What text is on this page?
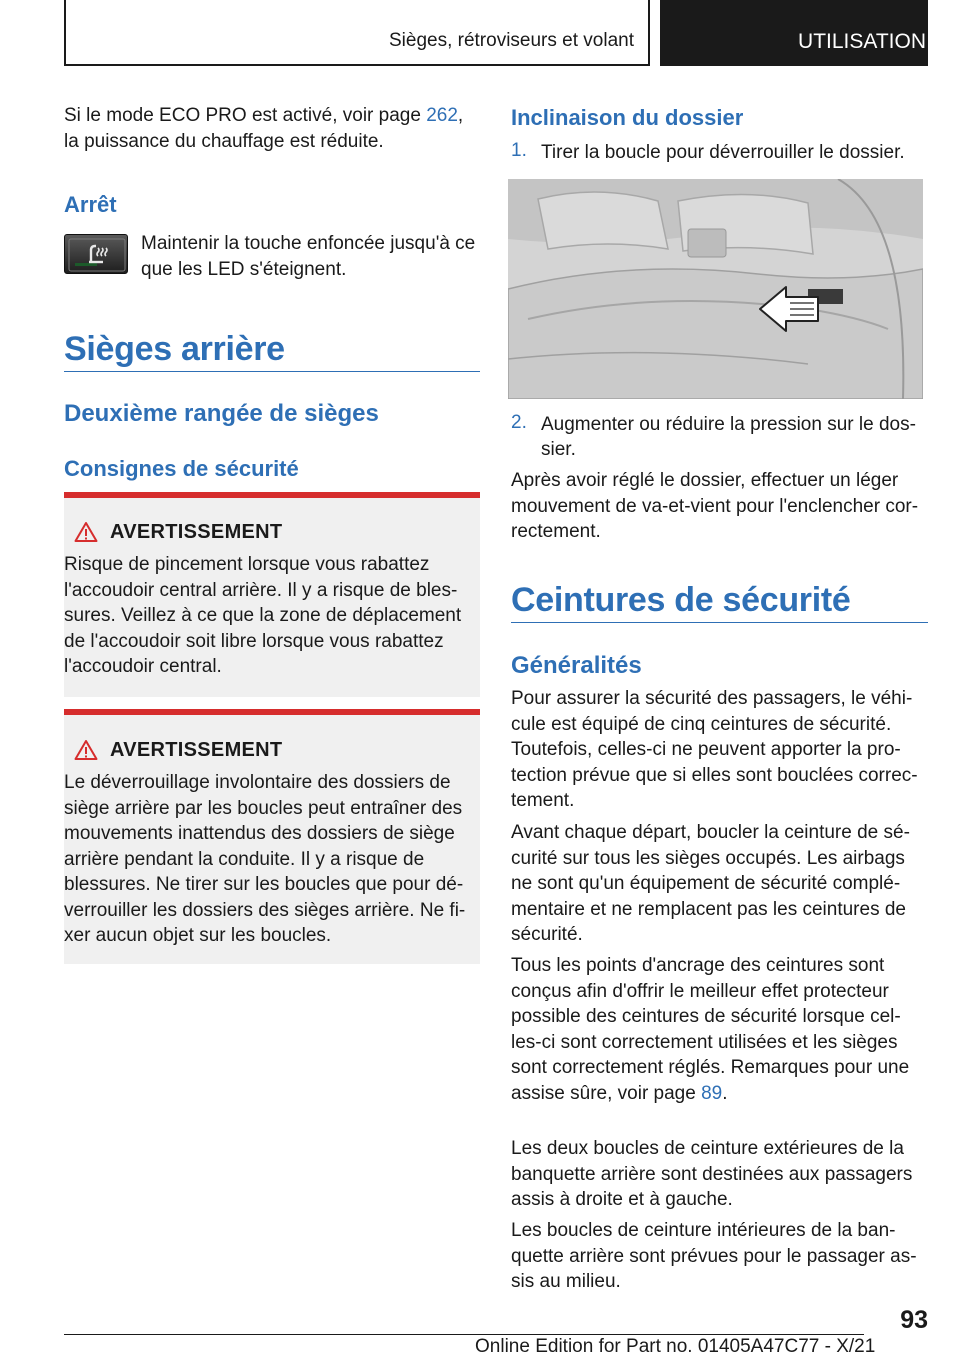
Sièges, rétroviseurs et volant	UTILISATION

Si le mode ECO PRO est activé, voir page 262,
la puissance du chauffage est réduite.

Arrêt

Maintenir la touche enfoncée jusqu'à ce
que les LED s'éteignent.

Sièges arrière
Deuxième rangée de sièges
Consignes de sécurité
AVERTISSEMENT

Risque de pincement lorsque vous rabattez
l'accoudoir central arrière. Il y a risque de bles-
sures. Veillez à ce que la zone de déplacement
de l'accoudoir soit libre lorsque vous rabattez
l'accoudoir central.

AVERTISSEMENT

Le déverrouillage involontaire des dossiers de
siège arrière par les boucles peut entraîner des
mouvements inattendus des dossiers de siège
arrière pendant la conduite. Il y a risque de
blessures. Ne tirer sur les boucles que pour dé-
verrouiller les dossiers des sièges arrière. Ne fi-
xer aucun objet sur les boucles.

Inclinaison du dossier
1. Tirer la boucle pour déverrouiller le dossier.
2. Augmenter ou réduire la pression sur le dos-
sier.

Après avoir réglé le dossier, effectuer un léger
mouvement de va-et-vient pour l'enclencher cor-
rectement.

Ceintures de sécurité
Généralités

Pour assurer la sécurité des passagers, le véhi-
cule est équipé de cinq ceintures de sécurité.
Toutefois, celles-ci ne peuvent apporter la pro-
tection prévue que si elles sont bouclées correc-
tement.

Avant chaque départ, boucler la ceinture de sé-
curité sur tous les sièges occupés. Les airbags
ne sont qu'un équipement de sécurité complé-
mentaire et ne remplacent pas les ceintures de
sécurité.

Tous les points d'ancrage des ceintures sont
conçus afin d'offrir le meilleur effet protecteur
possible des ceintures de sécurité lorsque cel-
les-ci sont correctement utilisées et les sièges
sont correctement réglés. Remarques pour une
assise sûre, voir page 89.

Les deux boucles de ceinture extérieures de la
banquette arrière sont destinées aux passagers
assis à droite et à gauche.

Les boucles de ceinture intérieures de la ban-
quette arrière sont prévues pour le passager as-
sis au milieu.

93
Online Edition for Part no. 01405A47C77 - X/21
